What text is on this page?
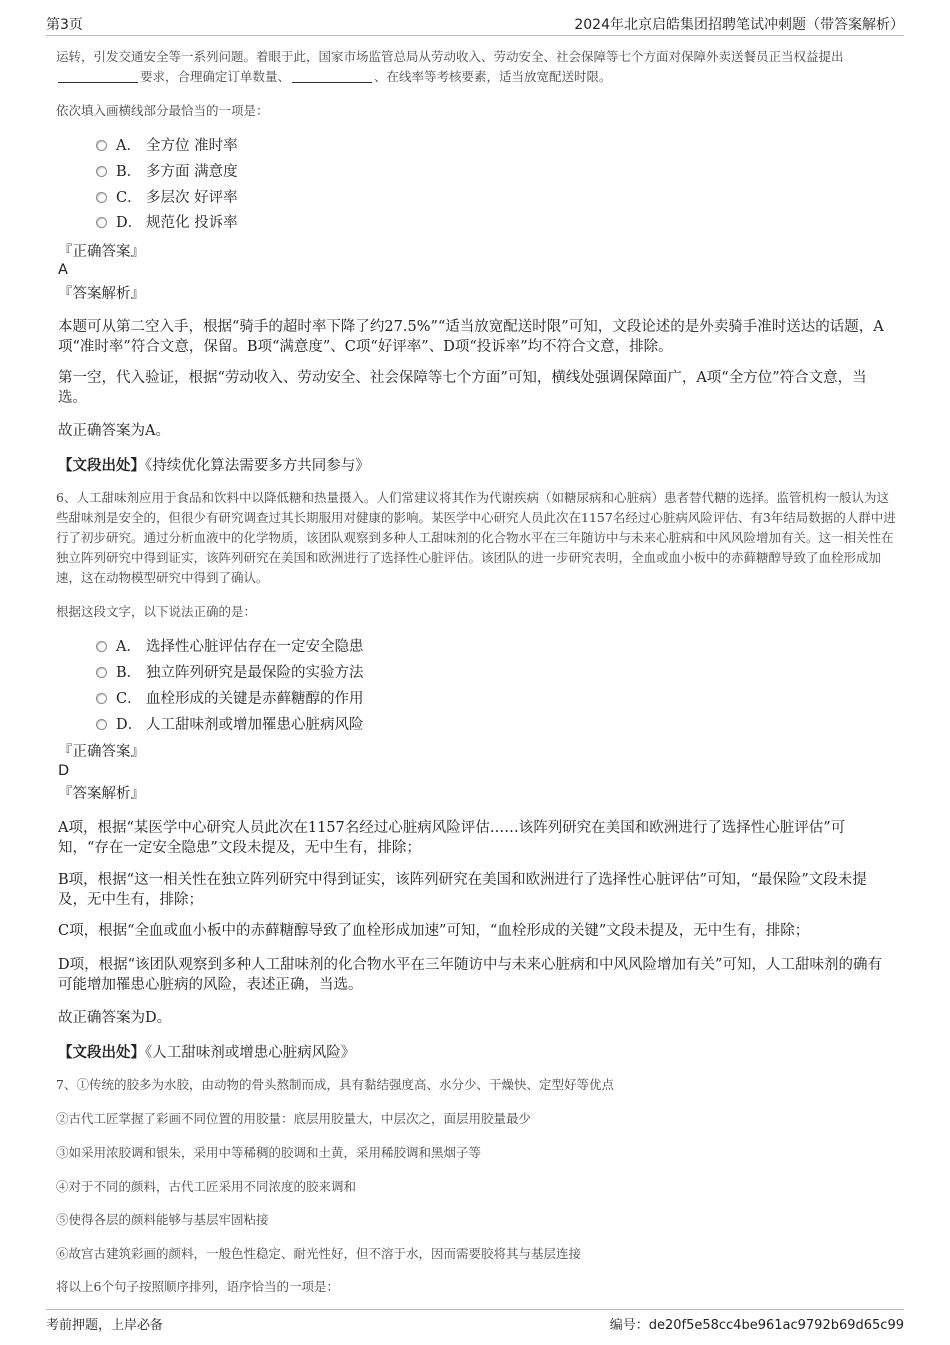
第3页	2024年北京启皓集团招聘笔试冲刺题（带答案解析）

运转，引发交通安全等一系列问题。着眼于此，国家市场监管总局从劳动收入、劳动安全、社会保障等七个方面对保障外卖送餐员正当权益提出要求，合理确定订单数量、	、在线率等考核要素，适当放宽配送时限。

依次填入画横线部分最恰当的一项是：

A． 全方位 准时率
B． 多方面 满意度
C． 多层次 好评率
D． 规范化 投诉率
『正确答案』
A
『答案解析』

本题可从第二空入手，根据“骑手的超时率下降了约27.5%”“适当放宽配送时限”可知，文段论述的是外卖骑手准时送达的话题，A项“准时率”符合文意，保留。B项“满意度”、C项“好评率”、D项“投诉率”均不符合文意，排除。

第一空，代入验证，根据“劳动收入、劳动安全、社会保障等七个方面”可知，横线处强调保障面广，A项“全方位”符合文意，当选。

故正确答案为A。

【文段出处】《持续优化算法需要多方共同参与》

6、人工甜味剂应用于食品和饮料中以降低糖和热量摄入。人们常建议将其作为代谢疾病（如糖尿病和心脏病）患者替代糖的选择。监管机构一般认为这些甜味剂是安全的，但很少有研究调查过其长期服用对健康的影响。某医学中心研究人员此次在1157名经过心脏病风险评估、有3年结局数据的人群中进行了初步研究。通过分析血液中的化学物质，该团队观察到多种人工甜味剂的化合物水平在三年随访中与未来心脏病和中风风险增加有关。这一相关性在独立阵列研究中得到证实，该阵列研究在美国和欧洲进行了选择性心脏评估。该团队的进一步研究表明，全血或血小板中的赤藓糖醇导致了血栓形成加速，这在动物模型研究中得到了确认。

根据这段文字，以下说法正确的是：

A． 选择性心脏评估存在一定安全隐患
B． 独立阵列研究是最保险的实验方法
C． 血栓形成的关键是赤藓糖醇的作用
D． 人工甜味剂或增加罹患心脏病风险
『正确答案』
D
『答案解析』

A项，根据“某医学中心研究人员此次在1157名经过心脏病风险评估……该阵列研究在美国和欧洲进行了选择性心脏评估”可知，“存在一定安全隐患”文段未提及，无中生有，排除；

B项，根据“这一相关性在独立阵列研究中得到证实，该阵列研究在美国和欧洲进行了选择性心脏评估”可知，“最保险”文段未提及，无中生有，排除；

C项，根据“全血或血小板中的赤藓糖醇导致了血栓形成加速”可知，“血栓形成的关键”文段未提及，无中生有，排除；

D项，根据“该团队观察到多种人工甜味剂的化合物水平在三年随访中与未来心脏病和中风风险增加有关”可知，人工甜味剂的确有可能增加罹患心脏病的风险，表述正确，当选。

故正确答案为D。

【文段出处】《人工甜味剂或增患心脏病风险》

7、①传统的胶多为水胶，由动物的骨头熬制而成，具有黏结强度高、水分少、干燥快、定型好等优点

②古代工匠掌握了彩画不同位置的用胶量：底层用胶量大，中层次之，面层用胶量最少

③如采用浓胶调和银朱，采用中等稀稠的胶调和土黄，采用稀胶调和黑烟子等

④对于不同的颜料，古代工匠采用不同浓度的胶来调和

⑤使得各层的颜料能够与基层牢固粘接

⑥故宫古建筑彩画的颜料，一般色性稳定、耐光性好，但不溶于水，因而需要胶将其与基层连接

将以上6个句子按照顺序排列，语序恰当的一项是：

考前押题，上岸必备	编号：de20f5e58cc4be961ac9792b69d65c99
